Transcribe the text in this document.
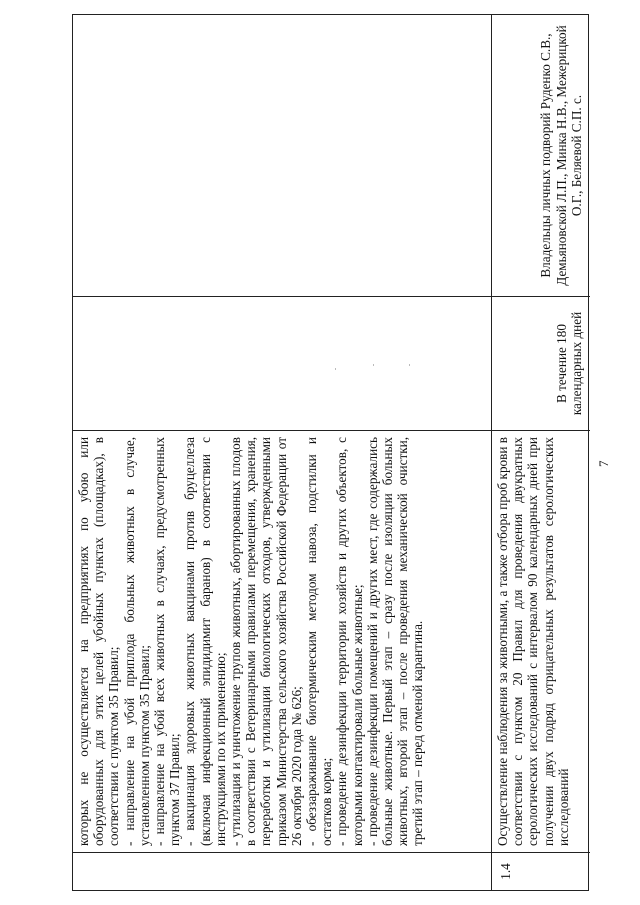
которых не осуществляется на предприятиях по убою или оборудованных для этих целей убойных пунктах (площадках), в соответствии с пунктом 35 Правил; - направление на убой приплода больных животных в случае, установленном пунктом 35 Правил; - направление на убой всех животных в случаях, предусмотренных пунктом 37 Правил; - вакцинация здоровых животных вакцинами против бруцеллеза (включая инфекционный эпидидимит баранов) в соответствии с инструкциями по их применению; - утилизация и уничтожение трупов животных, абортированных плодов в соответствии с Ветеринарными правилами перемещения, хранения, переработки и утилизации биологических отходов, утвержденными приказом Министерства сельского хозяйства Российской Федерации от 26 октября 2020 года № 626; - обеззараживание биотермическим методом навоза, подстилки и остатков корма; - проведение дезинфекции территории хозяйств и других объектов, с которыми контактировали больные животные; - проведение дезинфекции помещений и других мест, где содержались больные животные. Первый этап – сразу после изоляции больных животных, второй этап – после проведения механической очистки, третий этап – перед отменой карантина.

1.4

Осуществление наблюдения за животными, а также отбора проб крови в соответствии с пунктом 20 Правил для проведения двукратных серологических исследований с интервалом 90 календарных дней при получении двух подряд отрицательных результатов серологических исследований

В течение 180 календарных дней
Владельцы личных подворий Руденко С.В., Демьяновской Л.П., Минка Н.В., Межерицкой О.Г., Беляевой С.П. с.
7
